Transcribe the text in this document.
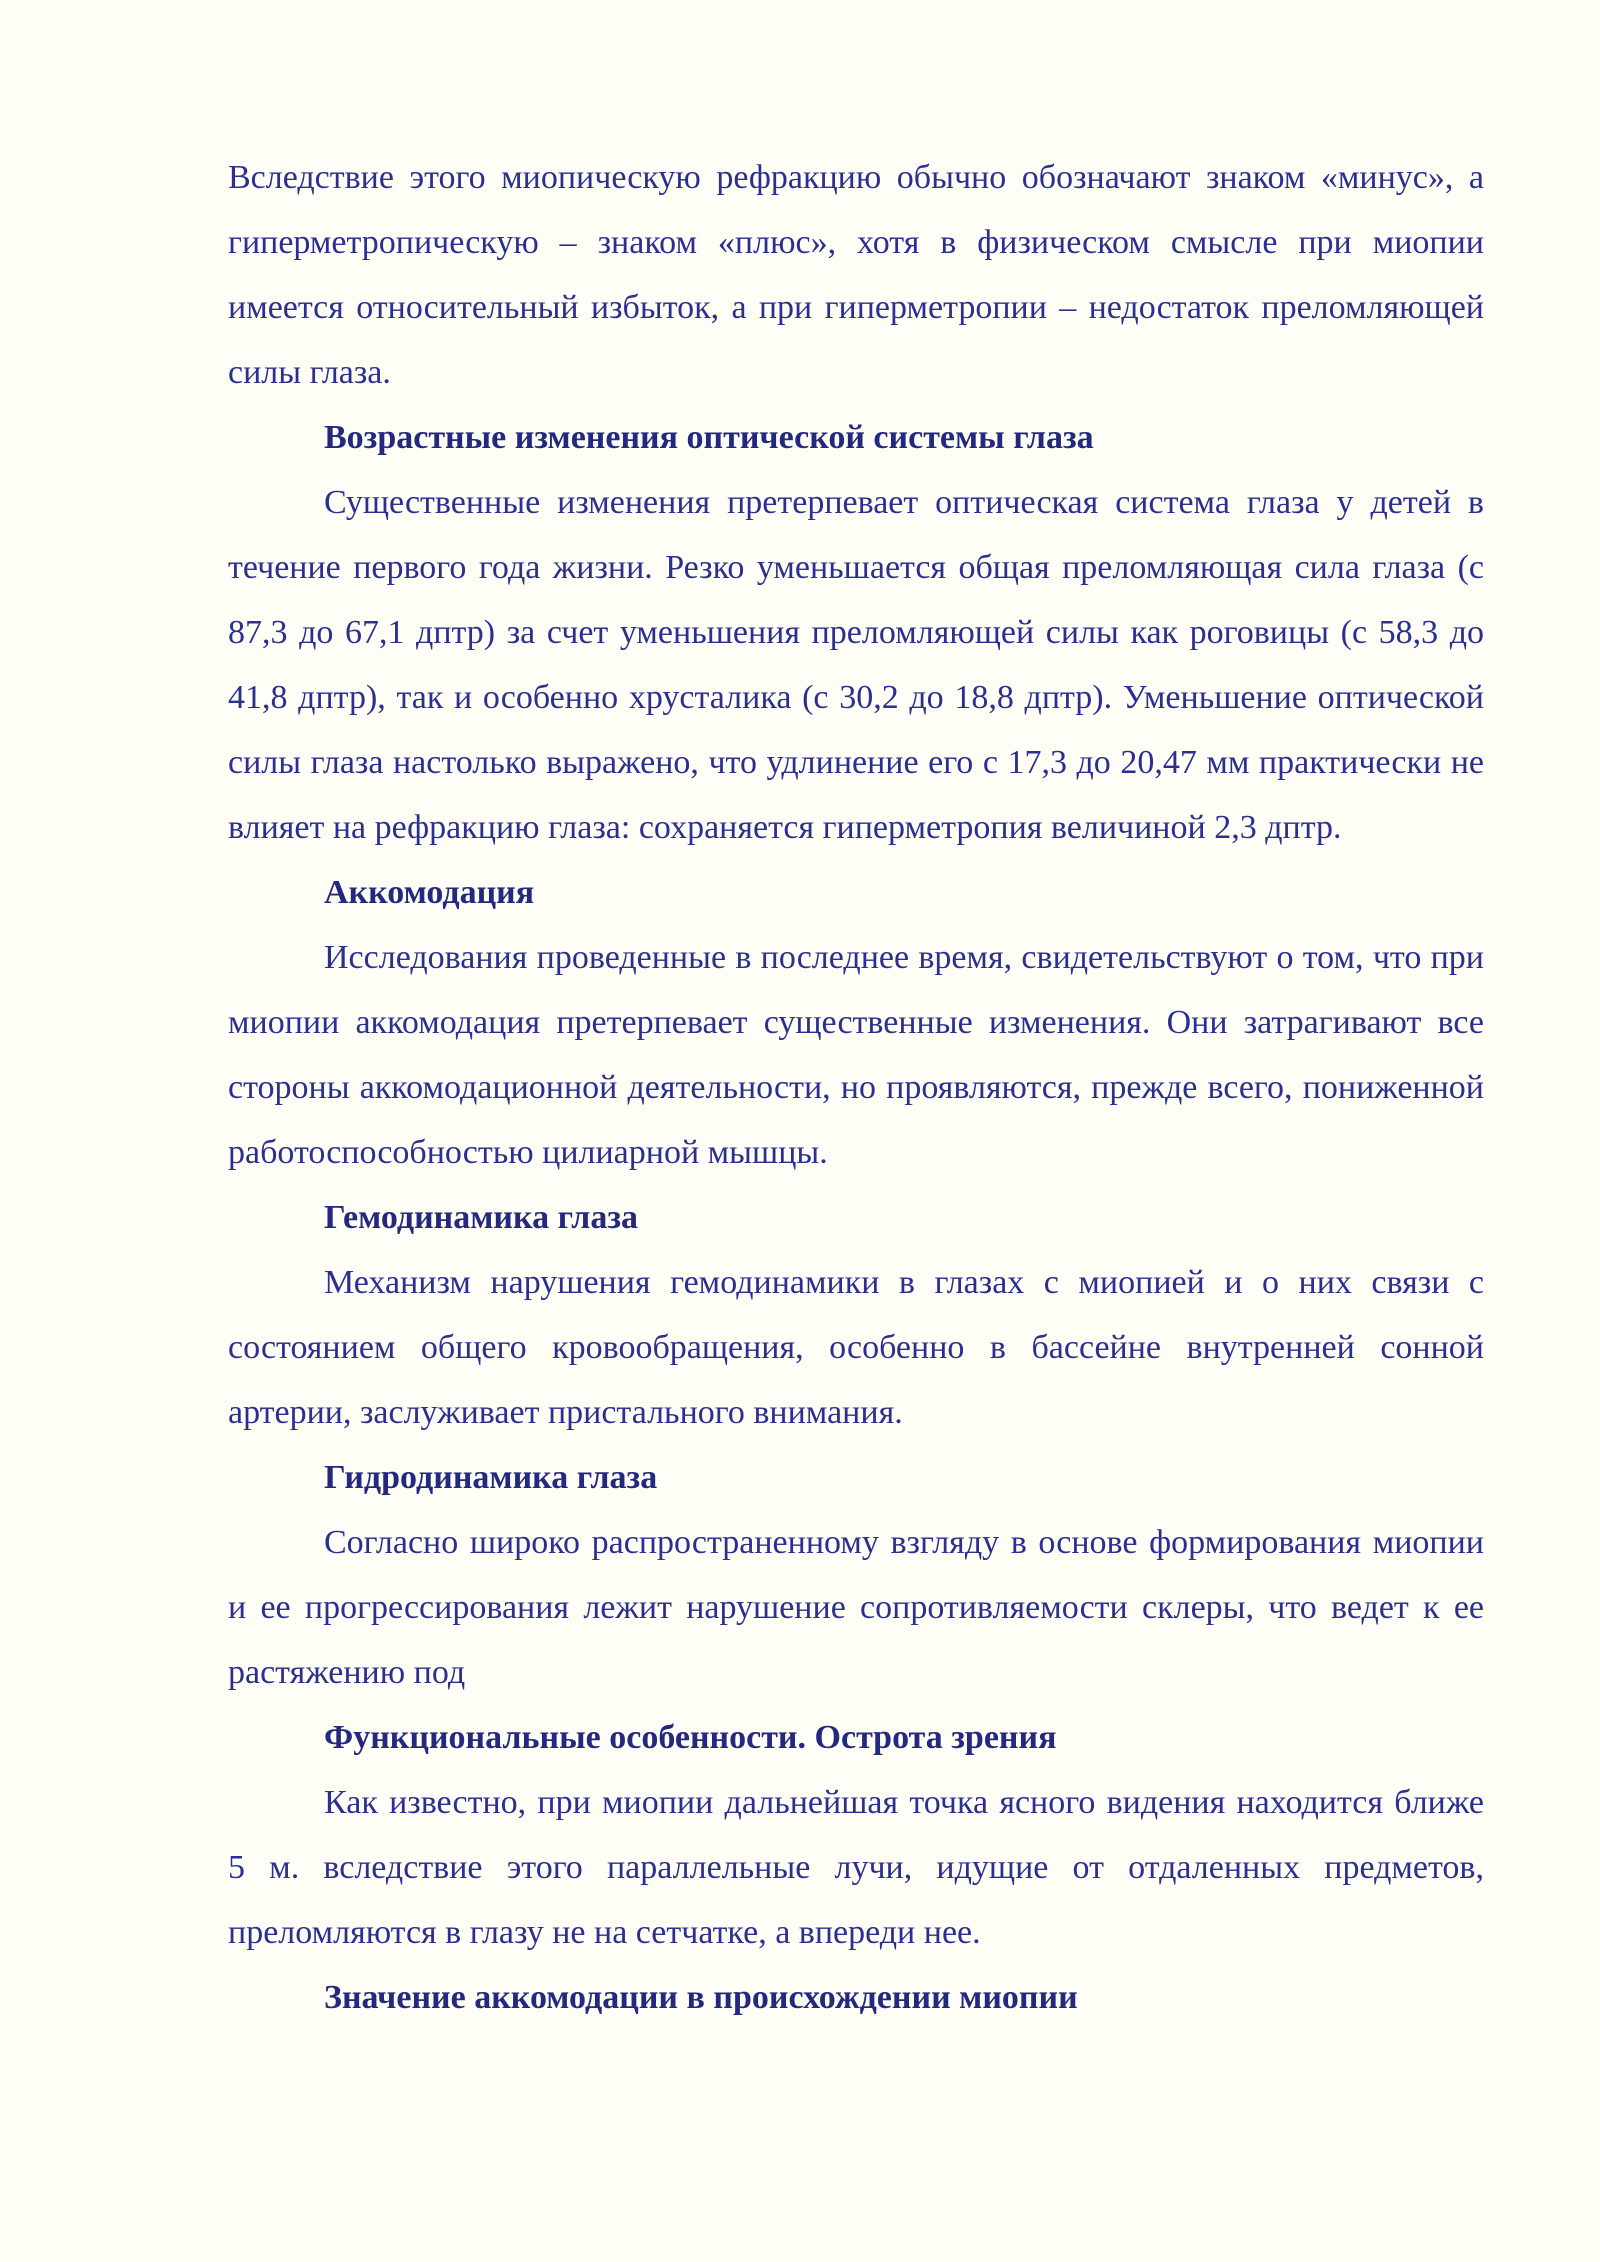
Вследствие этого миопическую рефракцию обычно обозначают знаком «минус», а гиперметропическую – знаком «плюс», хотя в физическом смысле при миопии имеется относительный избыток, а при гиперметропии – недостаток преломляющей силы глаза.

Возрастные изменения оптической системы глаза

Существенные изменения претерпевает оптическая система глаза у детей в течение первого года жизни. Резко уменьшается общая преломляющая сила глаза (с 87,3 до 67,1 дптр) за счет уменьшения преломляющей силы как роговицы (с 58,3 до 41,8 дптр), так и особенно хрусталика (с 30,2 до 18,8 дптр). Уменьшение оптической силы глаза настолько выражено, что удлинение его с 17,3 до 20,47 мм практически не влияет на рефракцию глаза: сохраняется гиперметропия величиной 2,3 дптр.

Аккомодация

Исследования проведенные в последнее время, свидетельствуют о том, что при миопии аккомодация претерпевает существенные изменения. Они затрагивают все стороны аккомодационной деятельности, но проявляются, прежде всего, пониженной работоспособностью цилиарной мышцы.

Гемодинамика глаза

Механизм нарушения гемодинамики в глазах с миопией и о них связи с состоянием общего кровообращения, особенно в бассейне внутренней сонной артерии, заслуживает пристального внимания.

Гидродинамика глаза

Согласно широко распространенному взгляду в основе формирования миопии и ее прогрессирования лежит нарушение сопротивляемости склеры, что ведет к ее растяжению под

Функциональные особенности. Острота зрения

Как известно, при миопии дальнейшая точка ясного видения находится ближе 5 м. вследствие этого параллельные лучи, идущие от отдаленных предметов, преломляются в глазу не на сетчатке, а впереди нее.

Значение аккомодации в происхождении миопии
